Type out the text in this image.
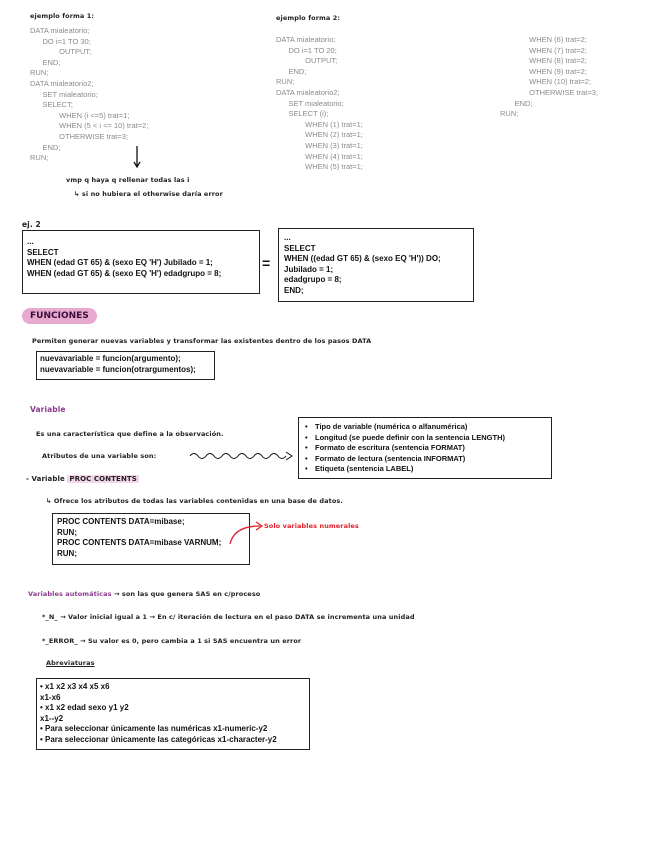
ejemplo forma 1:
DATA mialeatorio;
DO i=1 TO 30;
OUTPUT;
END;
RUN;
DATA mialeatorio2;
SET mialeatorio;
SELECT;
WHEN (i <=5) trat=1;
WHEN (5 < i <= 10) trat=2;
OTHERWISE trat=3;
END;
RUN;
vmp q haya q rellenar todas las i
↳ si no hubiera el otherwise daría error
ejemplo forma 2:
DATA mialeatorio;
DO i=1 TO 20;
OUTPUT;
END;
RUN;
DATA mialeatorio2;
SET mialeatorio;
SELECT (i);
WHEN (1) trat=1;
WHEN (2) trat=1;
WHEN (3) trat=1;
WHEN (4) trat=1;
WHEN (5) trat=1;
WHEN (6) trat=2;
WHEN (7) trat=2;
WHEN (8) trat=2;
WHEN (9) trat=2;
WHEN (10) trat=2;
OTHERWISE trat=3;
END;
RUN;
ej. 2
...
SELECT
WHEN (edad GT 65) & (sexo EQ 'H') Jubilado = 1;
WHEN (edad GT 65) & (sexo EQ 'H') edadgrupo = 8;
=
...
SELECT
WHEN ((edad GT 65) & (sexo EQ 'H')) DO;
Jubilado = 1;
edadgrupo = 8;
END;
FUNCIONES
Permiten generar nuevas variables y transformar las existentes dentro de los pasos DATA
nuevavariable = funcion(argumento);
nuevavariable = funcion(otrargumentos);
Variable
Es una característica que define a la observación.
Atributos de una variable son:
• Tipo de variable (numérica o alfanumérica)
• Longitud (se puede definir con la sentencia LENGTH)
• Formato de escritura (sentencia FORMAT)
• Formato de lectura (sentencia INFORMAT)
• Etiqueta (sentencia LABEL)
- Variable PROC CONTENTS
↳ Ofrece los atributos de todas las variables contenidas en una base de datos.
PROC CONTENTS DATA=mibase;
RUN;
PROC CONTENTS DATA=mibase VARNUM;
RUN;
Solo variables numerales
Variables automáticas → son las que genera SAS en c/proceso
*_N_ → Valor inicial igual a 1 → En c/ iteración de lectura en el paso DATA se incrementa una unidad
*_ERROR_ → Su valor es 0, pero cambia a 1 si SAS encuentra un error
Abreviaturas
• x1 x2 x3 x4 x5 x6
x1-x6
• x1 x2 edad sexo y1 y2
x1--y2
• Para seleccionar únicamente las numéricas x1-numeric-y2
• Para seleccionar únicamente las categóricas x1-character-y2
